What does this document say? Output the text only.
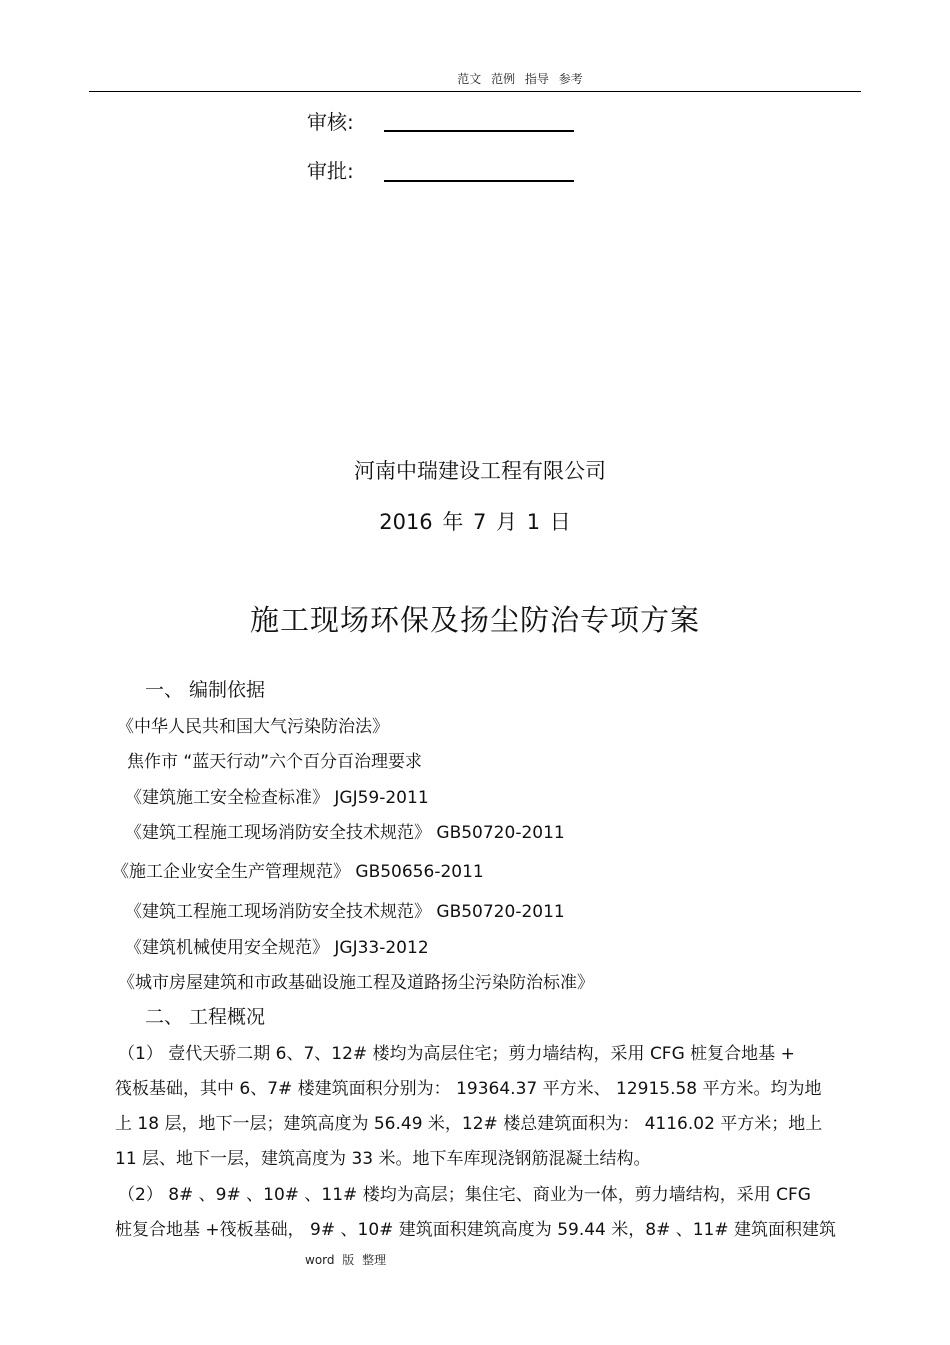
范文 范例 指导 参考
审核:
审批:
河南中瑞建设工程有限公司
2016 年 7 月 1 日
施工现场环保及扬尘防治专项方案
一、 编制依据
《中华人民共和国大气污染防治法》
焦作市 “蓝天行动”六个百分百治理要求
《建筑施工安全检查标准》 JGJ59-2011
《建筑工程施工现场消防安全技术规范》 GB50720-2011
《施工企业安全生产管理规范》 GB50656-2011
《建筑工程施工现场消防安全技术规范》 GB50720-2011
《建筑机械使用安全规范》 JGJ33-2012
《城市房屋建筑和市政基础设施工程及道路扬尘污染防治标准》
二、 工程概况
（1） 壹代天骄二期 6、7、12# 楼均为高层住宅；剪力墙结构，采用 CFG 桩复合地基 +
筏板基础，其中 6、7# 楼建筑面积分别为： 19364.37 平方米、 12915.58 平方米。均为地
上 18 层，地下一层；建筑高度为 56.49 米，12# 楼总建筑面积为： 4116.02 平方米；地上
11 层、地下一层，建筑高度为 33 米。地下车库现浇钢筋混凝土结构。
（2） 8# 、9# 、10# 、11# 楼均为高层；集住宅、商业为一体，剪力墙结构，采用 CFG
桩复合地基 +筏板基础， 9# 、10# 建筑面积建筑高度为 59.44 米，8# 、11# 建筑面积建筑
word 版 整理
